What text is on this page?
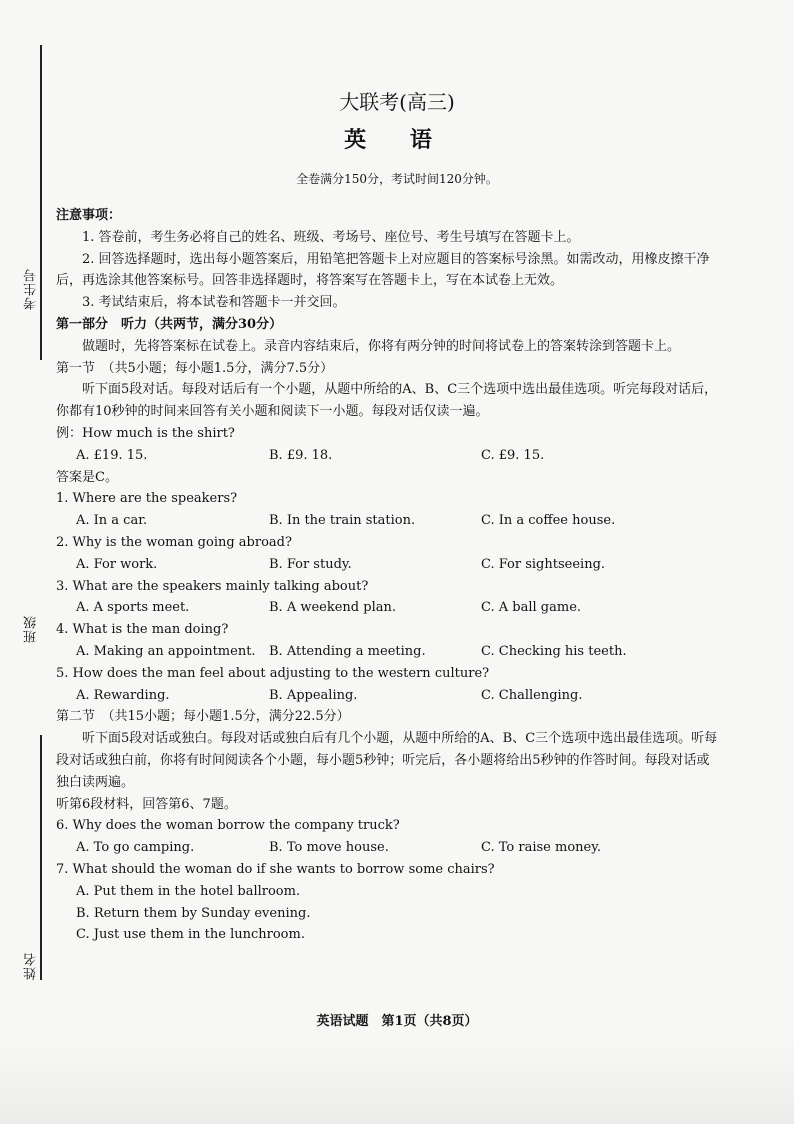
考生号
班级
姓名
大联考(高三)
英 语
全卷满分150分，考试时间120分钟。

注意事项：

1. 答卷前，考生务必将自己的姓名、班级、考场号、座位号、考生号填写在答题卡上。

2. 回答选择题时，选出每小题答案后，用铅笔把答题卡上对应题目的答案标号涂黑。如需改动，用橡皮擦干净后，再选涂其他答案标号。回答非选择题时，将答案写在答题卡上，写在本试卷上无效。

3. 考试结束后，将本试卷和答题卡一并交回。

第一部分　听力（共两节，满分30分）

做题时，先将答案标在试卷上。录音内容结束后，你将有两分钟的时间将试卷上的答案转涂到答题卡上。

第一节　（共5小题；每小题1.5分，满分7.5分）

听下面5段对话。每段对话后有一个小题，从题中所给的A、B、C三个选项中选出最佳选项。听完每段对话后，你都有10秒钟的时间来回答有关小题和阅读下一小题。每段对话仅读一遍。

例：How much is the shirt?

A. £19. 15.	B. £9. 18.	C. £9. 15.

答案是C。

1. Where are the speakers?

A. In a car.	B. In the train station.	C. In a coffee house.

2. Why is the woman going abroad?

A. For work.	B. For study.	C. For sightseeing.

3. What are the speakers mainly talking about?

A. A sports meet.	B. A weekend plan.	C. A ball game.

4. What is the man doing?

A. Making an appointment.	B. Attending a meeting.	C. Checking his teeth.

5. How does the man feel about adjusting to the western culture?

A. Rewarding.	B. Appealing.	C. Challenging.

第二节　（共15小题；每小题1.5分，满分22.5分）

听下面5段对话或独白。每段对话或独白后有几个小题，从题中所给的A、B、C三个选项中选出最佳选项。听每段对话或独白前，你将有时间阅读各个小题，每小题5秒钟；听完后，各小题将给出5秒钟的作答时间。每段对话或独白读两遍。

听第6段材料，回答第6、7题。

6. Why does the woman borrow the company truck?

A. To go camping.	B. To move house.	C. To raise money.

7. What should the woman do if she wants to borrow some chairs?

A. Put them in the hotel ballroom.

B. Return them by Sunday evening.

C. Just use them in the lunchroom.

英语试题　第1页（共8页）
